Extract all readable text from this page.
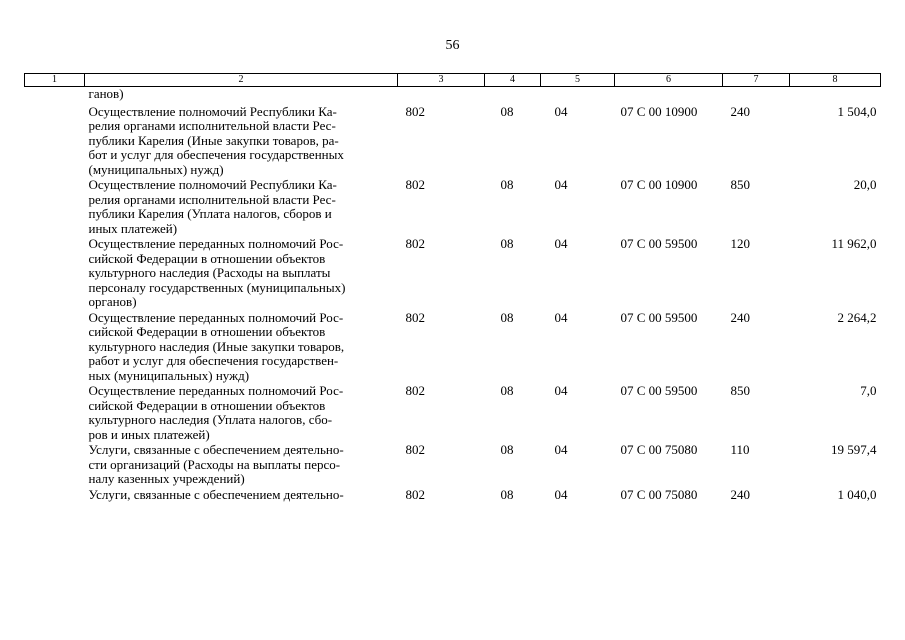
56
1	2	3	4	5	6	7	8
	ганов)						

	Осуществление полномочий Республики Ка-
релия органами исполнительной власти Рес-
публики Карелия (Иные закупки товаров, ра-
бот и услуг для обеспечения государственных
(муниципальных) нужд)	802	08	04	07 С 00 10900	240	1 504,0

	Осуществление полномочий Республики Ка-
релия органами исполнительной власти Рес-
публики Карелия (Уплата налогов, сборов и
иных платежей)	802	08	04	07 С 00 10900	850	20,0

	Осуществление переданных полномочий Рос-
сийской Федерации в отношении объектов
культурного наследия (Расходы на выплаты
персоналу государственных (муниципальных)
органов)	802	08	04	07 С 00 59500	120	11 962,0

	Осуществление переданных полномочий Рос-
сийской Федерации в отношении объектов
культурного наследия (Иные закупки товаров,
работ и услуг для обеспечения государствен-
ных (муниципальных) нужд)	802	08	04	07 С 00 59500	240	2 264,2

	Осуществление переданных полномочий Рос-
сийской Федерации в отношении объектов
культурного наследия (Уплата налогов, сбо-
ров и иных платежей)	802	08	04	07 С 00 59500	850	7,0

	Услуги, связанные с обеспечением деятельно-
сти организаций (Расходы на выплаты персо-
налу казенных учреждений)	802	08	04	07 С 00 75080	110	19 597,4

	Услуги, связанные с обеспечением деятельно-	802	08	04	07 С 00 75080	240	1 040,0
